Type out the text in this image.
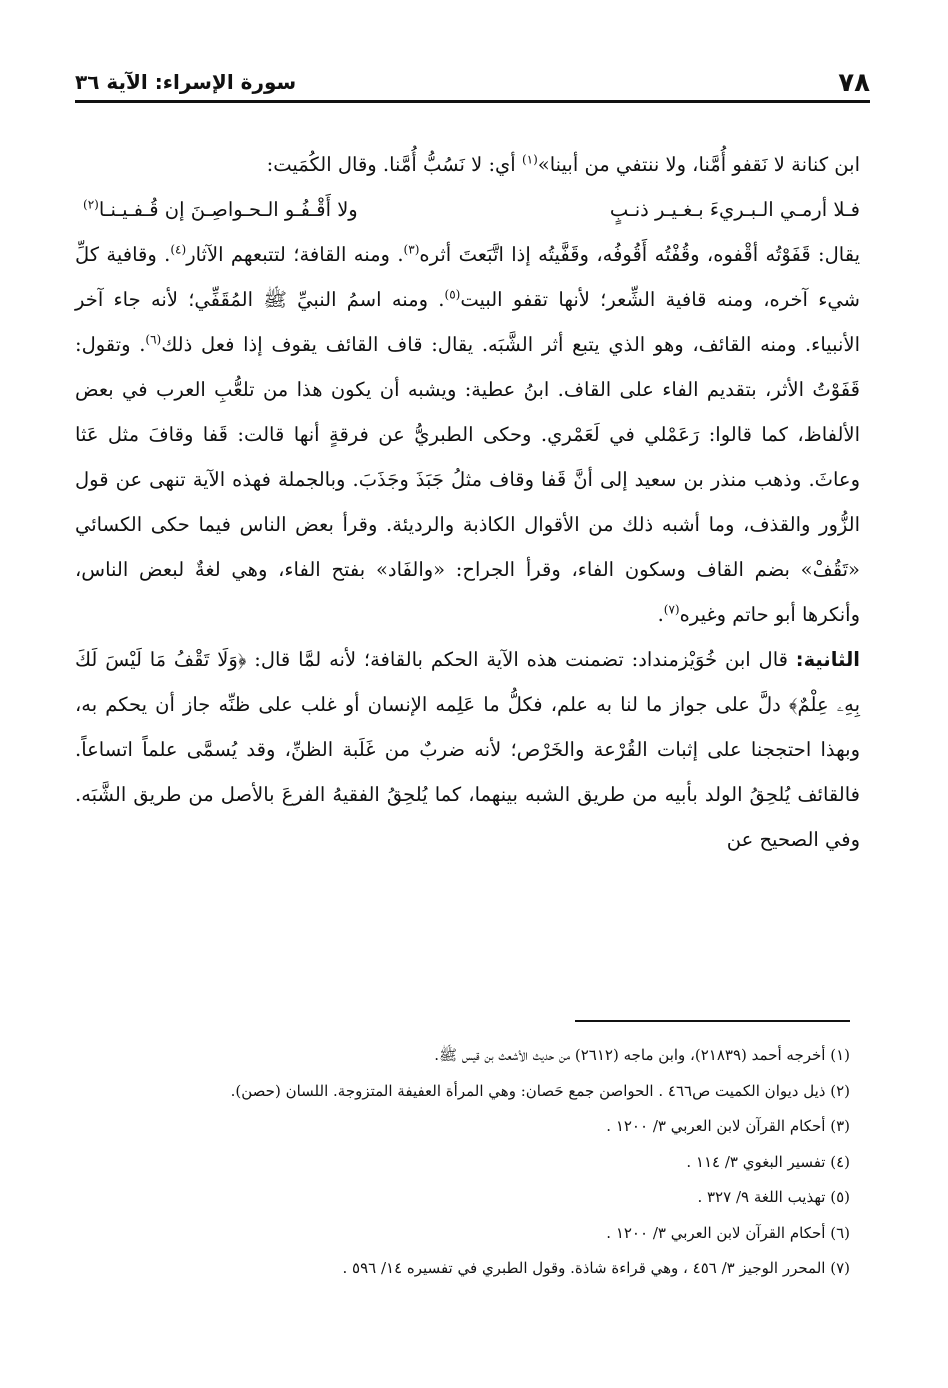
٧٨
سورة الإسراء: الآية ٣٦

ابن كنانة لا نَقفو أُمَّنا، ولا ننتفي من أبينا»$^{(١)}$ أي: لا نَسُبُّ أُمَّنا. وقال الكُمَيت:

فـلا أرمـي الـبـريءَ بـغـيـر ذنـبٍ
ولا أَقْـفُـو الـحـواصِـنَ إن قُـفـيـنـا$^{(٢)}$

يقال: قَفَوْتُه أقْفوه، وقُفْتُه أَقُوفُه، وقَفَّيتُه إذا اتَّبَعتَ أثره$^{(٣)}$. ومنه القافة؛ لتتبعهم الآثار$^{(٤)}$. وقافية كلِّ شيء آخره، ومنه قافية الشِّعر؛ لأنها تقفو البيت$^{(٥)}$. ومنه اسمُ النبيِّ ﷺ المُقَفِّي؛ لأنه جاء آخر الأنبياء. ومنه القائف، وهو الذي يتبع أثر الشَّبَه. يقال: قاف القائف يقوف إذا فعل ذلك$^{(٦)}$. وتقول: قَفَوْتُ الأثر، بتقديم الفاء على القاف. ابنُ عطية: ويشبه أن يكون هذا من تلعُّبِ العرب في بعض الألفاظ، كما قالوا: رَعَمْلي في لَعَمْري. وحكى الطبريُّ عن فرقةٍ أنها قالت: قَفا وقافَ مثل عَثا وعاثَ. وذهب منذر بن سعيد إلى أنَّ قَفا وقاف مثلُ جَبَذَ وجَذَبَ. وبالجملة فهذه الآية تنهى عن قول الزُّور والقذف، وما أشبه ذلك من الأقوال الكاذبة والرديئة. وقرأ بعض الناس فيما حكى الكسائي «تَقُفْ» بضم القاف وسكون الفاء، وقرأ الجراح: «والفَاد» بفتح الفاء، وهي لغةٌ لبعض الناس، وأنكرها أبو حاتم وغيره$^{(٧)}$.

الثانية: قال ابن خُوَيْزمنداد: تضمنت هذه الآية الحكم بالقافة؛ لأنه لمَّا قال: ﴿وَلَا تَقْفُ مَا لَيْسَ لَكَ بِهِۦ عِلْمٌ﴾ دلَّ على جواز ما لنا به علم، فكلُّ ما عَلِمه الإنسان أو غلب على ظنِّه جاز أن يحكم به، وبهذا احتججنا على إثبات القُرْعة والخَرْص؛ لأنه ضربٌ من غَلَبة الظنِّ، وقد يُسمَّى علماً اتساعاً. فالقائف يُلحِقُ الولد بأبيه من طريق الشبه بينهما، كما يُلحِقُ الفقيهُ الفرعَ بالأصل من طريق الشَّبَه. وفي الصحيح عن

(١) أخرجه أحمد (٢١٨٣٩)، وابن ماجه (٢٦١٢) من حديث الأشعث بن قيس ﷺ.
(٢) ذيل ديوان الكميت ص٤٦٦ . الحواصن جمع حَصان: وهي المرأة العفيفة المتزوجة. اللسان (حصن).
(٣) أحكام القرآن لابن العربي ٣/ ١٢٠٠ .
(٤) تفسير البغوي ٣/ ١١٤ .
(٥) تهذيب اللغة ٩/ ٣٢٧ .
(٦) أحكام القرآن لابن العربي ٣/ ١٢٠٠ .
(٧) المحرر الوجيز ٣/ ٤٥٦ ، وهي قراءة شاذة. وقول الطبري في تفسيره ١٤/ ٥٩٦ .
